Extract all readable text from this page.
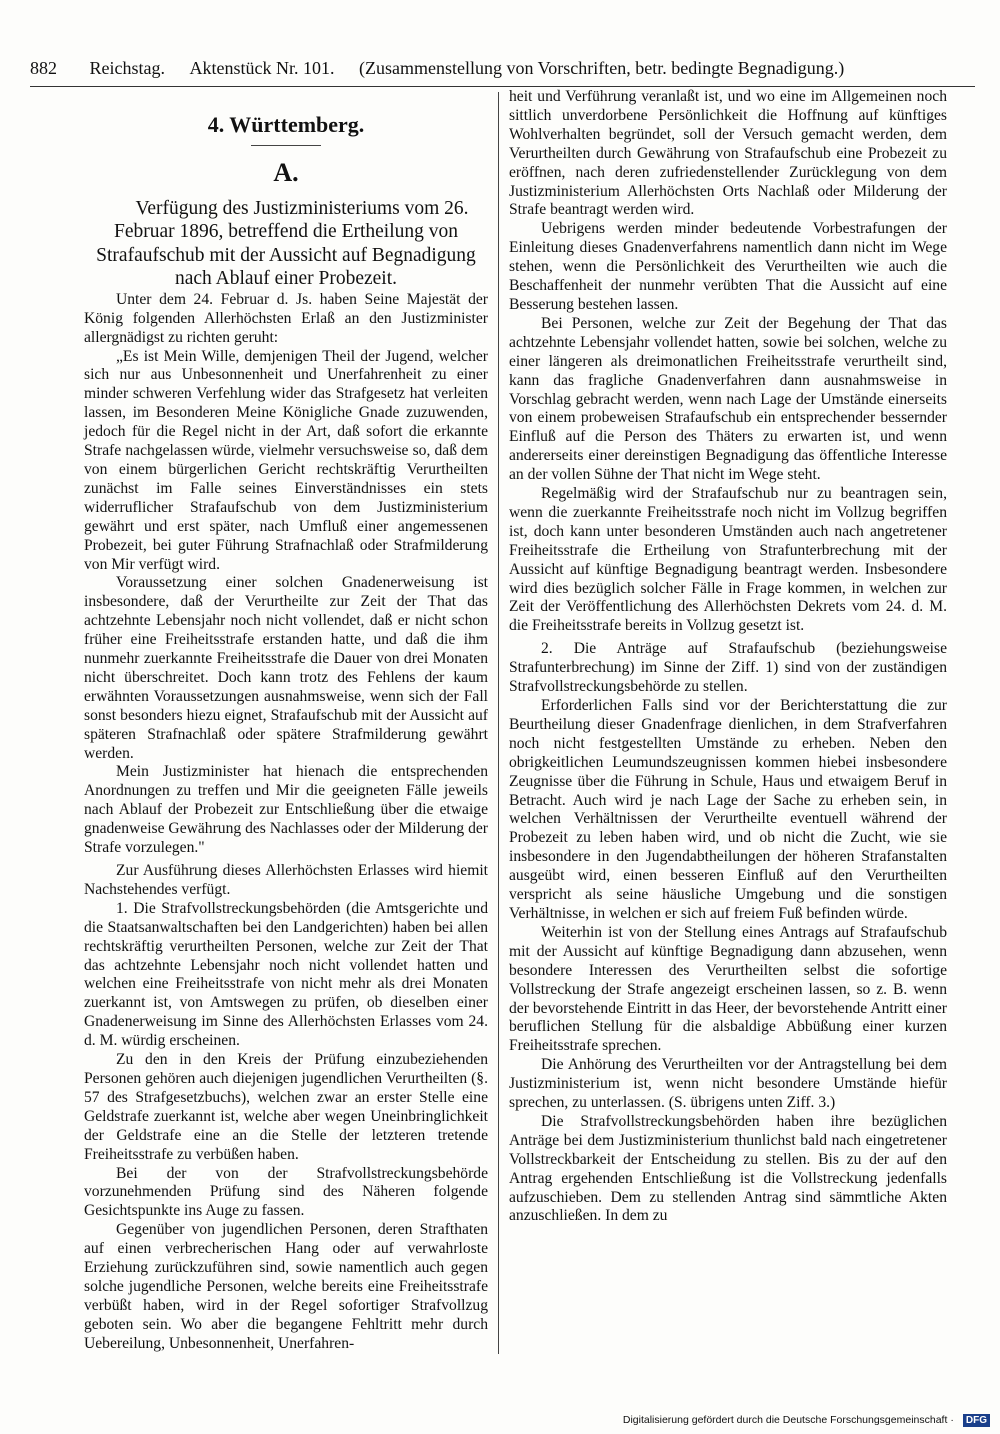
882 Reichstag. Aktenstück Nr. 101. (Zusammenstellung von Vorschriften, betr. bedingte Begnadigung.)
4. Württemberg.
A.

Verfügung des Justizministeriums vom 26. Februar 1896, betreffend die Ertheilung von Strafaufschub mit der Aussicht auf Begnadigung nach Ablauf einer Probezeit.

Unter dem 24. Februar d. Js. haben Seine Majestät der König folgenden Allerhöchsten Erlaß an den Justizminister allergnädigst zu richten geruht:

„Es ist Mein Wille, demjenigen Theil der Jugend, welcher sich nur aus Unbesonnenheit und Unerfahrenheit zu einer minder schweren Verfehlung wider das Strafgesetz hat verleiten lassen, im Besonderen Meine Königliche Gnade zuzuwenden, jedoch für die Regel nicht in der Art, daß sofort die erkannte Strafe nachgelassen würde, vielmehr versuchsweise so, daß dem von einem bürgerlichen Gericht rechtskräftig Verurtheilten zunächst im Falle seines Einverständnisses ein stets widerruflicher Strafaufschub von dem Justizministerium gewährt und erst später, nach Umfluß einer angemessenen Probezeit, bei guter Führung Strafnachlaß oder Strafmilderung von Mir verfügt wird.

Voraussetzung einer solchen Gnadenerweisung ist insbesondere, daß der Verurtheilte zur Zeit der That das achtzehnte Lebensjahr noch nicht vollendet, daß er nicht schon früher eine Freiheitsstrafe erstanden hatte, und daß die ihm nunmehr zuerkannte Freiheitsstrafe die Dauer von drei Monaten nicht überschreitet. Doch kann trotz des Fehlens der kaum erwähnten Voraussetzungen ausnahmsweise, wenn sich der Fall sonst besonders hiezu eignet, Strafaufschub mit der Aussicht auf späteren Strafnachlaß oder spätere Strafmilderung gewährt werden.

Mein Justizminister hat hienach die entsprechenden Anordnungen zu treffen und Mir die geeigneten Fälle jeweils nach Ablauf der Probezeit zur Entschließung über die etwaige gnadenweise Gewährung des Nachlasses oder der Milderung der Strafe vorzulegen."

Zur Ausführung dieses Allerhöchsten Erlasses wird hiemit Nachstehendes verfügt.

1. Die Strafvollstreckungsbehörden (die Amtsgerichte und die Staatsanwaltschaften bei den Landgerichten) haben bei allen rechtskräftig verurtheilten Personen, welche zur Zeit der That das achtzehnte Lebensjahr noch nicht vollendet hatten und welchen eine Freiheitsstrafe von nicht mehr als drei Monaten zuerkannt ist, von Amtswegen zu prüfen, ob dieselben einer Gnadenerweisung im Sinne des Allerhöchsten Erlasses vom 24. d. M. würdig erscheinen.

Zu den in den Kreis der Prüfung einzubeziehenden Personen gehören auch diejenigen jugendlichen Verurtheilten (§. 57 des Strafgesetzbuchs), welchen zwar an erster Stelle eine Geldstrafe zuerkannt ist, welche aber wegen Uneinbringlichkeit der Geldstrafe eine an die Stelle der letzteren tretende Freiheitsstrafe zu verbüßen haben.

Bei der von der Strafvollstreckungsbehörde vorzunehmenden Prüfung sind des Näheren folgende Gesichtspunkte ins Auge zu fassen.

Gegenüber von jugendlichen Personen, deren Strafthaten auf einen verbrecherischen Hang oder auf verwahrloste Erziehung zurückzuführen sind, sowie namentlich auch gegen solche jugendliche Personen, welche bereits eine Freiheitsstrafe verbüßt haben, wird in der Regel sofortiger Strafvollzug geboten sein. Wo aber die begangene Fehltritt mehr durch Uebereilung, Unbesonnenheit, Unerfahren-

heit und Verführung veranlaßt ist, und wo eine im Allgemeinen noch sittlich unverdorbene Persönlichkeit die Hoffnung auf künftiges Wohlverhalten begründet, soll der Versuch gemacht werden, dem Verurtheilten durch Gewährung von Strafaufschub eine Probezeit zu eröffnen, nach deren zufriedenstellender Zurücklegung von dem Justizministerium Allerhöchsten Orts Nachlaß oder Milderung der Strafe beantragt werden wird.

Uebrigens werden minder bedeutende Vorbestrafungen der Einleitung dieses Gnadenverfahrens namentlich dann nicht im Wege stehen, wenn die Persönlichkeit des Verurtheilten wie auch die Beschaffenheit der nunmehr verübten That die Aussicht auf eine Besserung bestehen lassen.

Bei Personen, welche zur Zeit der Begehung der That das achtzehnte Lebensjahr vollendet hatten, sowie bei solchen, welche zu einer längeren als dreimonatlichen Freiheitsstrafe verurtheilt sind, kann das fragliche Gnadenverfahren dann ausnahmsweise in Vorschlag gebracht werden, wenn nach Lage der Umstände einerseits von einem probeweisen Strafaufschub ein entsprechender bessernder Einfluß auf die Person des Thäters zu erwarten ist, und wenn andererseits einer dereinstigen Begnadigung das öffentliche Interesse an der vollen Sühne der That nicht im Wege steht.

Regelmäßig wird der Strafaufschub nur zu beantragen sein, wenn die zuerkannte Freiheitsstrafe noch nicht im Vollzug begriffen ist, doch kann unter besonderen Umständen auch nach angetretener Freiheitsstrafe die Ertheilung von Strafunterbrechung mit der Aussicht auf künftige Begnadigung beantragt werden. Insbesondere wird dies bezüglich solcher Fälle in Frage kommen, in welchen zur Zeit der Veröffentlichung des Allerhöchsten Dekrets vom 24. d. M. die Freiheitsstrafe bereits in Vollzug gesetzt ist.

2. Die Anträge auf Strafaufschub (beziehungsweise Strafunterbrechung) im Sinne der Ziff. 1) sind von der zuständigen Strafvollstreckungsbehörde zu stellen.

Erforderlichen Falls sind vor der Berichterstattung die zur Beurtheilung dieser Gnadenfrage dienlichen, in dem Strafverfahren noch nicht festgestellten Umstände zu erheben. Neben den obrigkeitlichen Leumundszeugnissen kommen hiebei insbesondere Zeugnisse über die Führung in Schule, Haus und etwaigem Beruf in Betracht. Auch wird je nach Lage der Sache zu erheben sein, in welchen Verhältnissen der Verurtheilte eventuell während der Probezeit zu leben haben wird, und ob nicht die Zucht, wie sie insbesondere in den Jugendabtheilungen der höheren Strafanstalten ausgeübt wird, einen besseren Einfluß auf den Verurtheilten verspricht als seine häusliche Umgebung und die sonstigen Verhältnisse, in welchen er sich auf freiem Fuß befinden würde.

Weiterhin ist von der Stellung eines Antrags auf Strafaufschub mit der Aussicht auf künftige Begnadigung dann abzusehen, wenn besondere Interessen des Verurtheilten selbst die sofortige Vollstreckung der Strafe angezeigt erscheinen lassen, so z. B. wenn der bevorstehende Eintritt in das Heer, der bevorstehende Antritt einer beruflichen Stellung für die alsbaldige Abbüßung einer kurzen Freiheitsstrafe sprechen.

Die Anhörung des Verurtheilten vor der Antragstellung bei dem Justizministerium ist, wenn nicht besondere Umstände hiefür sprechen, zu unterlassen. (S. übrigens unten Ziff. 3.)

Die Strafvollstreckungsbehörden haben ihre bezüglichen Anträge bei dem Justizministerium thunlichst bald nach eingetretener Vollstreckbarkeit der Entscheidung zu stellen. Bis zu der auf den Antrag ergehenden Entschließung ist die Vollstreckung jedenfalls aufzuschieben. Dem zu stellenden Antrag sind sämmtliche Akten anzuschließen. In dem zu

Digitalisierung gefördert durch die Deutsche Forschungsgemeinschaft · DFG
